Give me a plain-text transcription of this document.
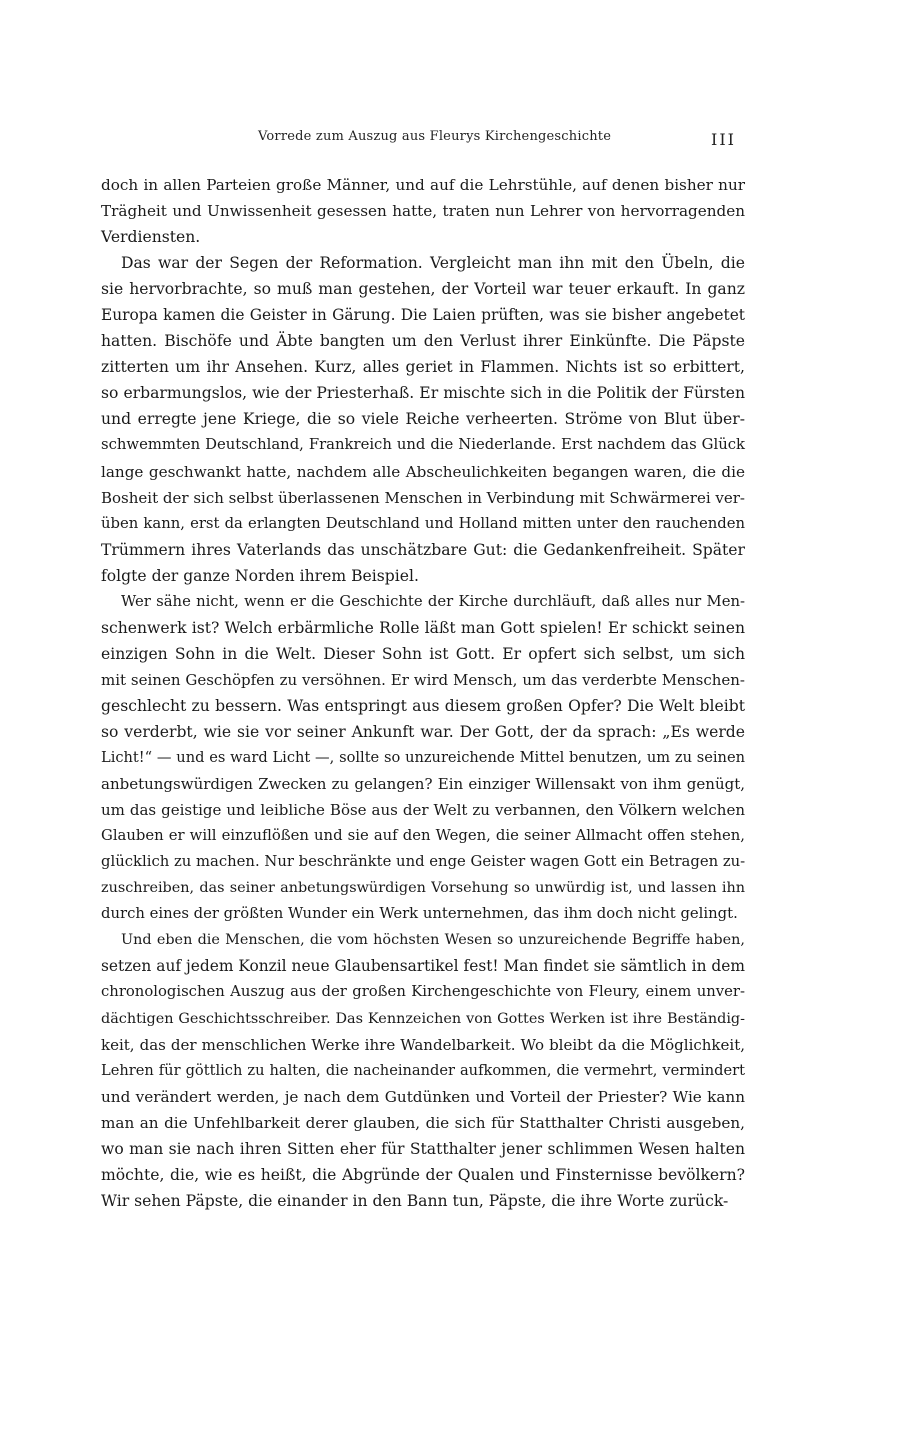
Vorrede zum Auszug aus Fleurys Kirchengeschichte	III

doch in allen Parteien große Männer, und auf die Lehrstühle, auf denen bisher nur
Trägheit und Unwissenheit gesessen hatte, traten nun Lehrer von hervorragenden
Verdiensten.

Das war der Segen der Reformation. Vergleicht man ihn mit den Übeln, die
sie hervorbrachte, so muß man gestehen, der Vorteil war teuer erkauft. In ganz
Europa kamen die Geister in Gärung. Die Laien prüften, was sie bisher angebetet
hatten. Bischöfe und Äbte bangten um den Verlust ihrer Einkünfte. Die Päpste
zitterten um ihr Ansehen. Kurz, alles geriet in Flammen. Nichts ist so erbittert,
so erbarmungslos, wie der Priesterhaß. Er mischte sich in die Politik der Fürsten
und erregte jene Kriege, die so viele Reiche verheerten. Ströme von Blut über-
schwemmten Deutschland, Frankreich und die Niederlande. Erst nachdem das Glück
lange geschwankt hatte, nachdem alle Abscheulichkeiten begangen waren, die die
Bosheit der sich selbst überlassenen Menschen in Verbindung mit Schwärmerei ver-
üben kann, erst da erlangten Deutschland und Holland mitten unter den rauchenden
Trümmern ihres Vaterlands das unschätzbare Gut: die Gedankenfreiheit. Später
folgte der ganze Norden ihrem Beispiel.

Wer sähe nicht, wenn er die Geschichte der Kirche durchläuft, daß alles nur Men-
schenwerk ist? Welch erbärmliche Rolle läßt man Gott spielen! Er schickt seinen
einzigen Sohn in die Welt. Dieser Sohn ist Gott. Er opfert sich selbst, um sich
mit seinen Geschöpfen zu versöhnen. Er wird Mensch, um das verderbte Menschen-
geschlecht zu bessern. Was entspringt aus diesem großen Opfer? Die Welt bleibt
so verderbt, wie sie vor seiner Ankunft war. Der Gott, der da sprach: „Es werde
Licht!“ — und es ward Licht —, sollte so unzureichende Mittel benutzen, um zu seinen
anbetungswürdigen Zwecken zu gelangen? Ein einziger Willensakt von ihm genügt,
um das geistige und leibliche Böse aus der Welt zu verbannen, den Völkern welchen
Glauben er will einzuflößen und sie auf den Wegen, die seiner Allmacht offen stehen,
glücklich zu machen. Nur beschränkte und enge Geister wagen Gott ein Betragen zu-
zuschreiben, das seiner anbetungswürdigen Vorsehung so unwürdig ist, und lassen ihn
durch eines der größten Wunder ein Werk unternehmen, das ihm doch nicht gelingt.

Und eben die Menschen, die vom höchsten Wesen so unzureichende Begriffe haben,
setzen auf jedem Konzil neue Glaubensartikel fest! Man findet sie sämtlich in dem
chronologischen Auszug aus der großen Kirchengeschichte von Fleury, einem unver-
dächtigen Geschichtsschreiber. Das Kennzeichen von Gottes Werken ist ihre Beständig-
keit, das der menschlichen Werke ihre Wandelbarkeit. Wo bleibt da die Möglichkeit,
Lehren für göttlich zu halten, die nacheinander aufkommen, die vermehrt, vermindert
und verändert werden, je nach dem Gutdünken und Vorteil der Priester? Wie kann
man an die Unfehlbarkeit derer glauben, die sich für Statthalter Christi ausgeben,
wo man sie nach ihren Sitten eher für Statthalter jener schlimmen Wesen halten
möchte, die, wie es heißt, die Abgründe der Qualen und Finsternisse bevölkern?
Wir sehen Päpste, die einander in den Bann tun, Päpste, die ihre Worte zurück-
